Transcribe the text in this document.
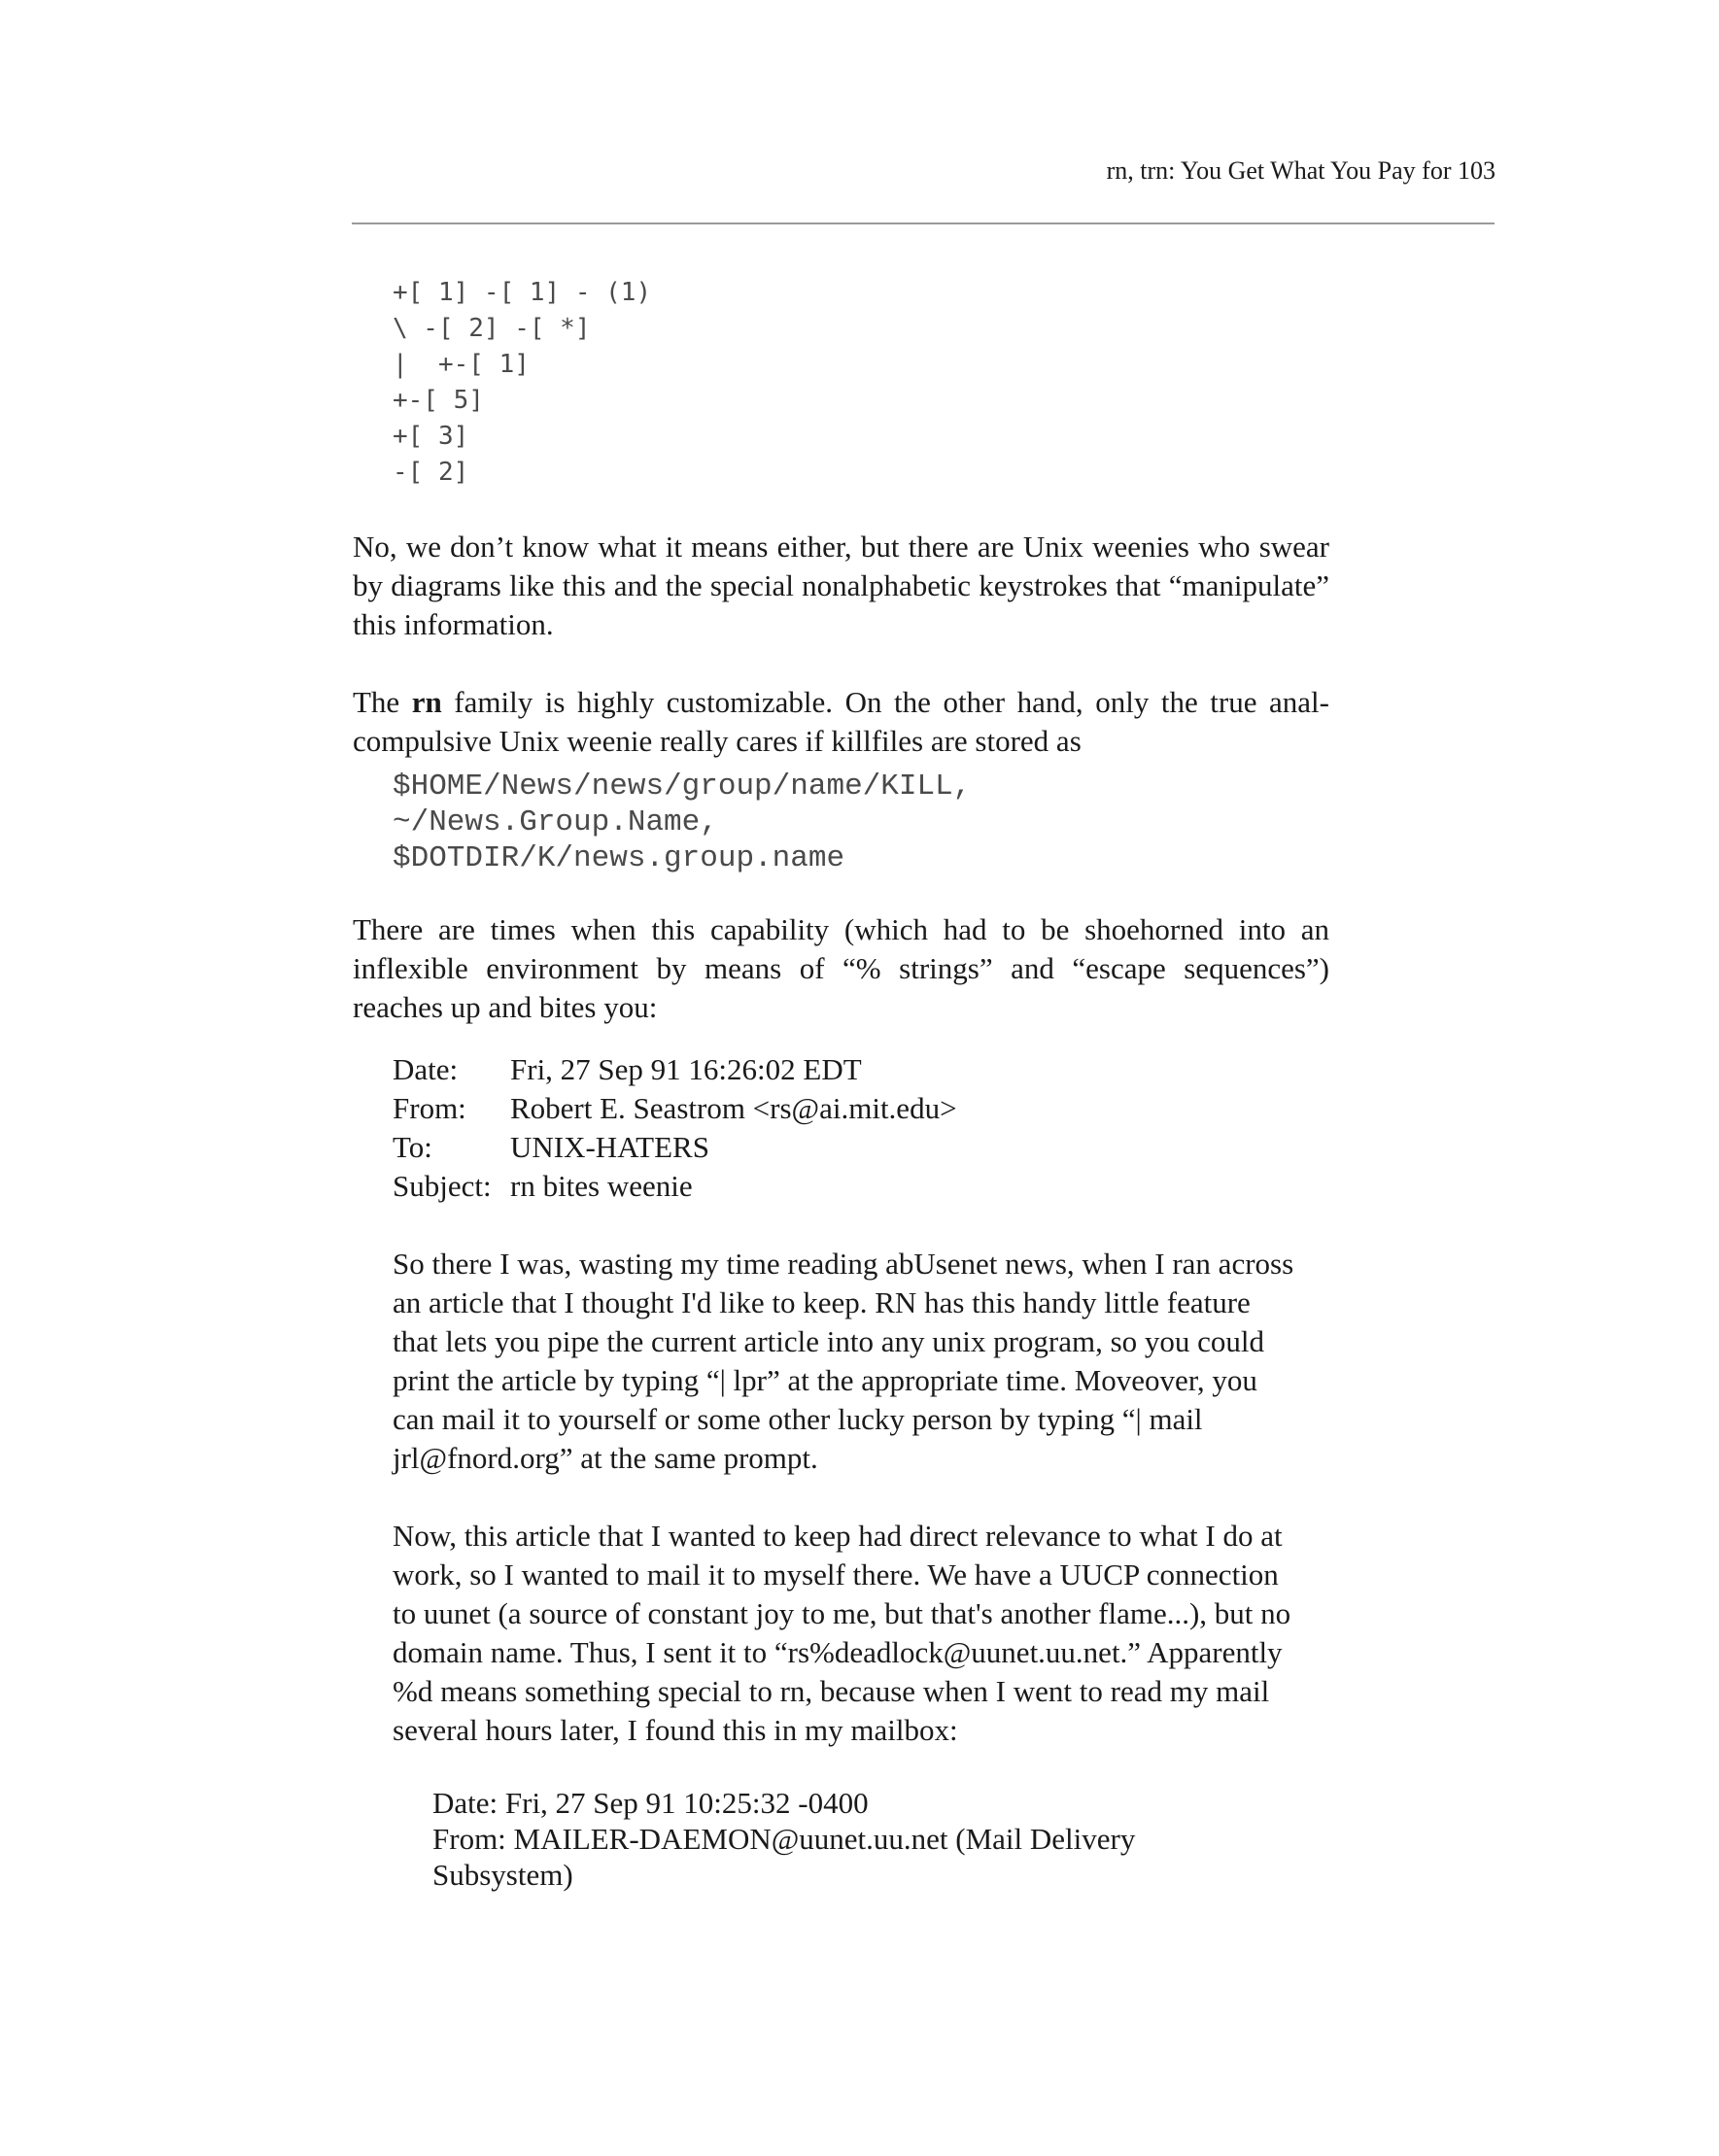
rn, trn: You Get What You Pay for 103
+[ 1] -[ 1] - (1)
\ -[ 2] -[ *]
|  +-[ 1]
+-[ 5]
+[ 3]
-[ 2]

No, we don’t know what it means either, but there are Unix weenies who swear by diagrams like this and the special nonalphabetic keystrokes that “manipulate” this information.

The rn family is highly customizable. On the other hand, only the true anal-compulsive Unix weenie really cares if killfiles are stored as

$HOME/News/news/group/name/KILL,
~/News.Group.Name,
$DOTDIR/K/news.group.name

There are times when this capability (which had to be shoehorned into an inflexible environment by means of “% strings” and “escape sequences”) reaches up and bites you:

Date:	Fri, 27 Sep 91 16:26:02 EDT
From:	Robert E. Seastrom <rs@ai.mit.edu>
To:	UNIX-HATERS
Subject: rn bites weenie

So there I was, wasting my time reading abUsenet news, when I ran across an article that I thought I'd like to keep. RN has this handy little feature that lets you pipe the current article into any unix program, so you could print the article by typing “| lpr” at the appropriate time. Moveover, you can mail it to yourself or some other lucky person by typing “| mail jrl@fnord.org” at the same prompt.

Now, this article that I wanted to keep had direct relevance to what I do at work, so I wanted to mail it to myself there. We have a UUCP connection to uunet (a source of constant joy to me, but that's another flame...), but no domain name. Thus, I sent it to “rs%deadlock@uunet.uu.net.” Apparently %d means something special to rn, because when I went to read my mail several hours later, I found this in my mailbox:

Date: Fri, 27 Sep 91 10:25:32 -0400

From: MAILER-DAEMON@uunet.uu.net (Mail Delivery Subsystem)
